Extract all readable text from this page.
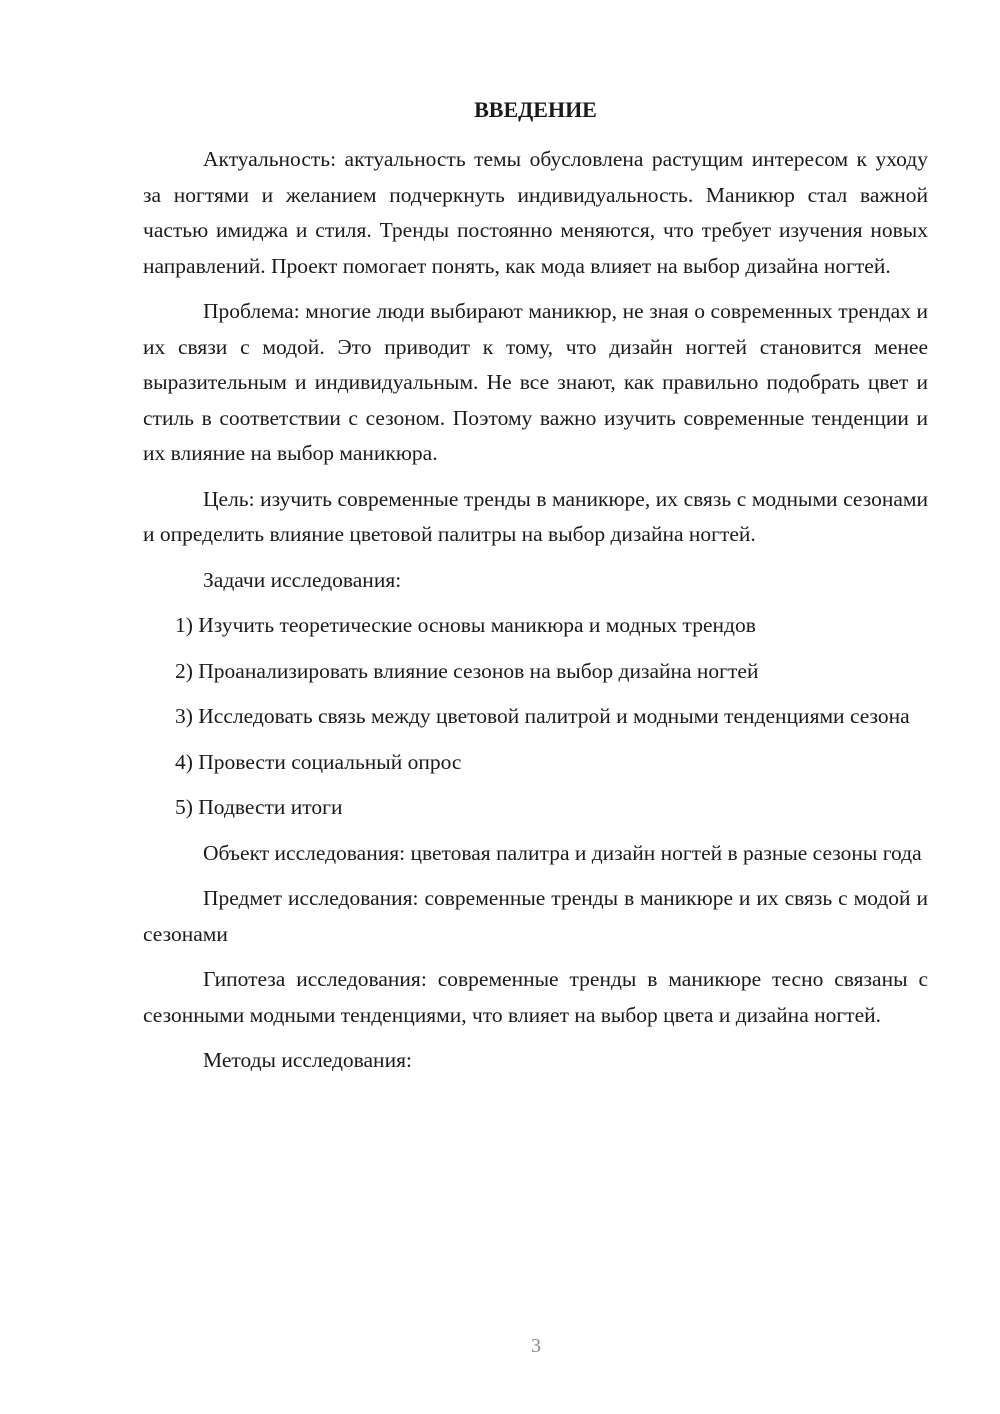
ВВЕДЕНИЕ

Актуальность: актуальность темы обусловлена растущим интересом к уходу за ногтями и желанием подчеркнуть индивидуальность. Маникюр стал важной частью имиджа и стиля. Тренды постоянно меняются, что требует изучения новых направлений. Проект помогает понять, как мода влияет на выбор дизайна ногтей.

Проблема: многие люди выбирают маникюр, не зная о современных трендах и их связи с модой. Это приводит к тому, что дизайн ногтей становится менее выразительным и индивидуальным. Не все знают, как правильно подобрать цвет и стиль в соответствии с сезоном. Поэтому важно изучить современные тенденции и их влияние на выбор маникюра.

Цель: изучить современные тренды в маникюре, их связь с модными сезонами и определить влияние цветовой палитры на выбор дизайна ногтей.

Задачи исследования:

1) Изучить теоретические основы маникюра и модных трендов

2) Проанализировать влияние сезонов на выбор дизайна ногтей

3) Исследовать связь между цветовой палитрой и модными тенденциями сезона

4) Провести социальный опрос

5) Подвести итоги

Объект исследования: цветовая палитра и дизайн ногтей в разные сезоны года

Предмет исследования: современные тренды в маникюре и их связь с модой и сезонами

Гипотеза исследования: современные тренды в маникюре тесно связаны с сезонными модными тенденциями, что влияет на выбор цвета и дизайна ногтей.

Методы исследования:

3
